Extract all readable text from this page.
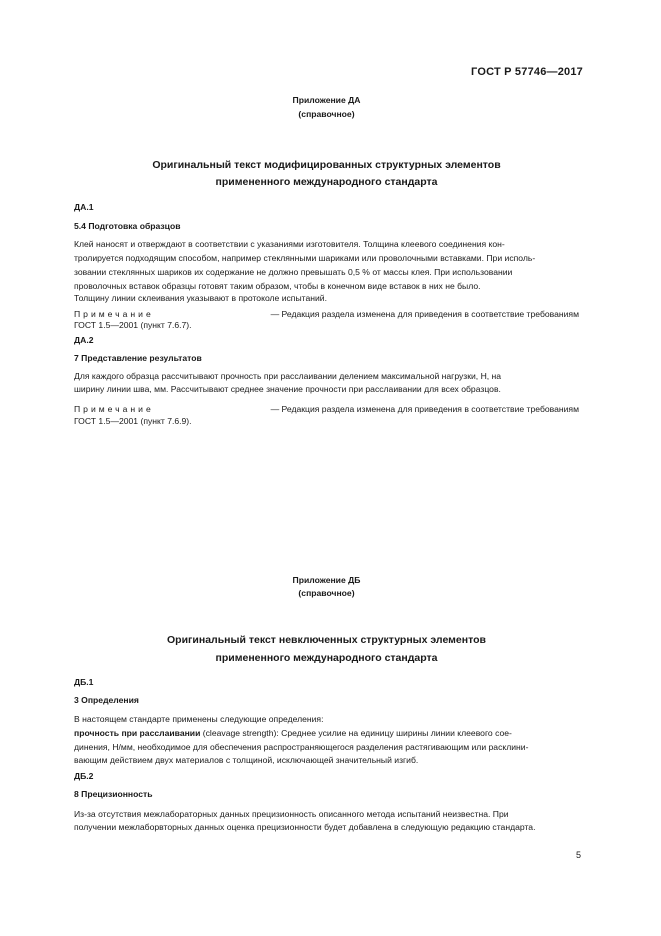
ГОСТ Р 57746—2017
Приложение ДА
(справочное)
Оригинальный текст модифицированных структурных элементов
примененного международного стандарта
ДА.1
5.4 Подготовка образцов
Клей наносят и отверждают в соответствии с указаниями изготовителя. Толщина клеевого соединения кон-
тролируется подходящим способом, например стеклянными шариками или проволочными вставками. При исполь-
зовании стеклянных шариков их содержание не должно превышать 0,5 % от массы клея. При использовании
проволочных вставок образцы готовят таким образом, чтобы в конечном виде вставок в них не было.
Толщину линии склеивания указывают в протоколе испытаний.
Примечание	— Редакция раздела изменена для приведения в соответствие требованиям
ГОСТ 1.5—2001 (пункт 7.6.7).
ДА.2
7 Представление результатов
Для каждого образца рассчитывают прочность при расслаивании делением максимальной нагрузки, Н, на
ширину линии шва, мм. Рассчитывают среднее значение прочности при расслаивании для всех образцов.
Примечание	— Редакция раздела изменена для приведения в соответствие требованиям
ГОСТ 1.5—2001 (пункт 7.6.9).
Приложение ДБ
(справочное)
Оригинальный текст невключенных структурных элементов
примененного международного стандарта
ДБ.1
3 Определения
В настоящем стандарте применены следующие определения:
прочность при расслаивании (cleavage strength): Среднее усилие на единицу ширины линии клеевого сое-
динения, Н/мм, необходимое для обеспечения распространяющегося разделения растягивающим или расклини-
вающим действием двух материалов с толщиной, исключающей значительный изгиб.
ДБ.2
8 Прецизионность
Из-за отсутствия межлабораторных данных прецизионность описанного метода испытаний неизвестна. При
получении межлаборвторных данных оценка прецизионности будет добавлена в следующую редакцию стандарта.
5
